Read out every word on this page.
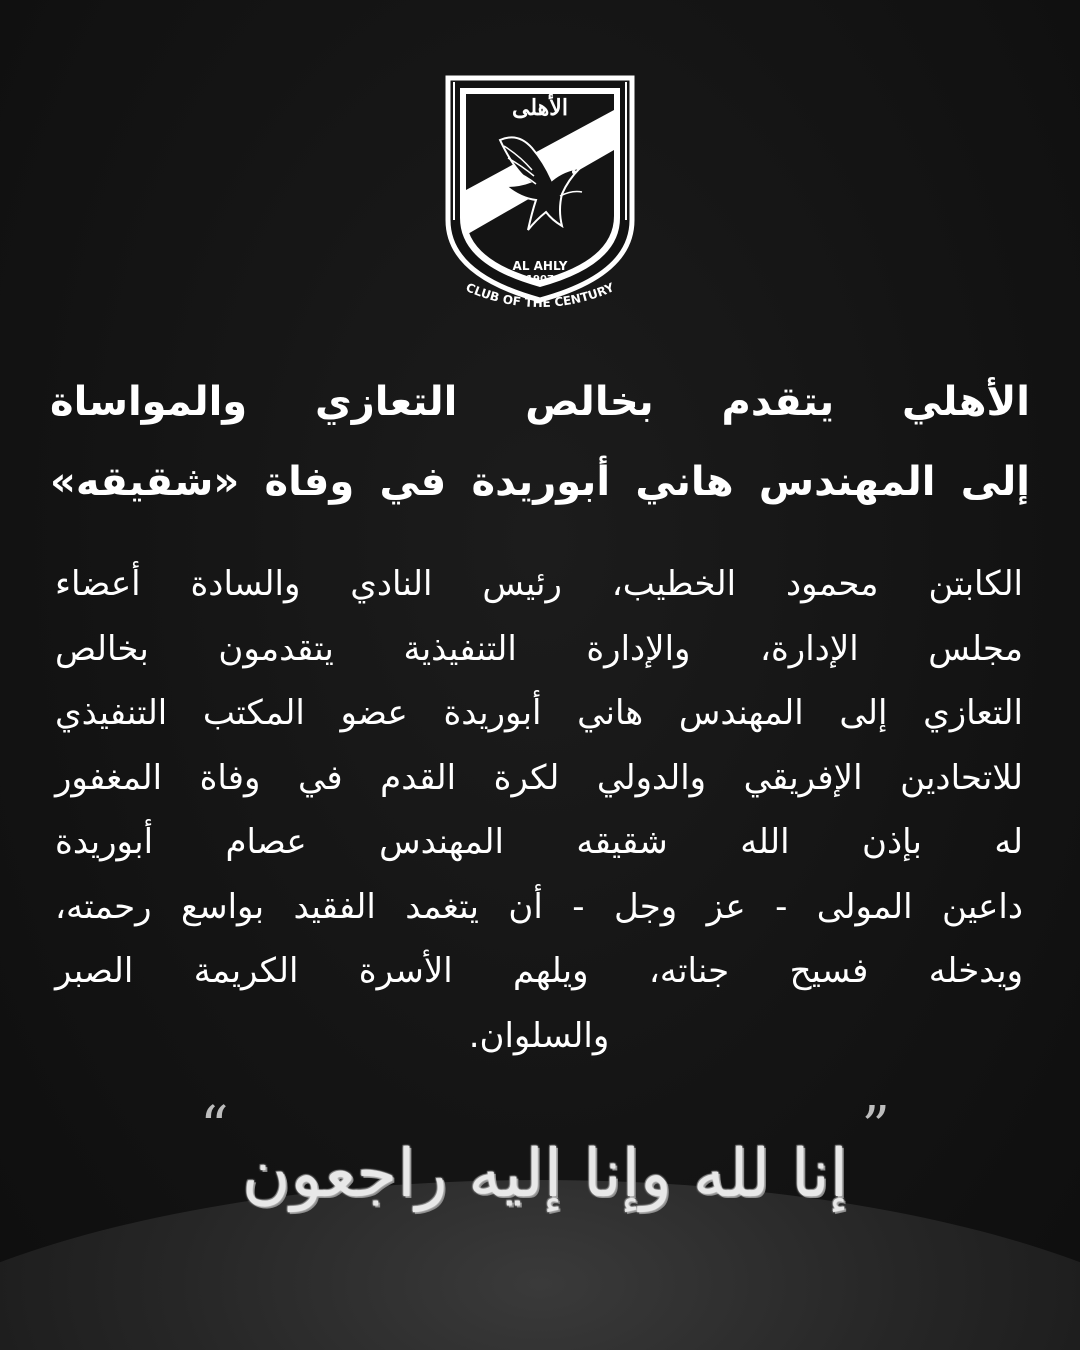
الأهلى
AL AHLY
1907
CLUB OF THE CENTURY
الأهلي يتقدم بخالص التعازي والمواساة
إلى المهندس هاني أبوريدة في وفاة «شقيقه»
الكابتن محمود الخطيب، رئيس النادي والسادة أعضاء
مجلس الإدارة، والإدارة التنفيذية يتقدمون بخالص
التعازي إلى المهندس هاني أبوريدة عضو المكتب التنفيذي
للاتحادين الإفريقي والدولي لكرة القدم في وفاة المغفور
له بإذن الله شقيقه المهندس عصام أبوريدة
داعين المولى - عز وجل - أن يتغمد الفقيد بواسع رحمته،
ويدخله فسيح جناته، ويلهم الأسرة الكريمة الصبر
والسلوان.
“	”
إنا لله وإنا إليه راجعون
